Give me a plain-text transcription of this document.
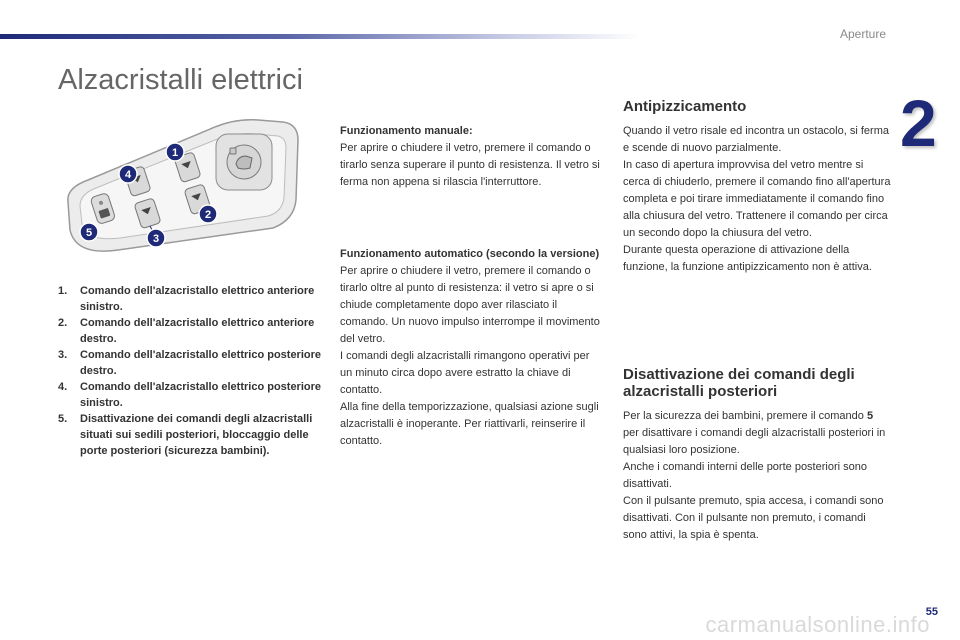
Aperture
2
Alzacristalli elettrici
1
2
3
4
5
1. Comando dell'alzacristallo elettrico anteriore sinistro.
2. Comando dell'alzacristallo elettrico anteriore destro.
3. Comando dell'alzacristallo elettrico posteriore destro.
4. Comando dell'alzacristallo elettrico posteriore sinistro.
5. Disattivazione dei comandi degli alzacristalli situati sui sedili posteriori, bloccaggio delle porte posteriori (sicurezza bambini).
Funzionamento manuale:

Per aprire o chiudere il vetro, premere il comando o tirarlo senza superare il punto di resistenza. Il vetro si ferma non appena si rilascia l'interruttore.

Funzionamento automatico (secondo la versione)

Per aprire o chiudere il vetro, premere il comando o tirarlo oltre al punto di resistenza: il vetro si apre o si chiude completamente dopo aver rilasciato il comando. Un nuovo impulso interrompe il movimento del vetro.

I comandi degli alzacristalli rimangono operativi per un minuto circa dopo avere estratto la chiave di contatto.

Alla fine della temporizzazione, qualsiasi azione sugli alzacristalli è inoperante. Per riattivarli, reinserire il contatto.

Antipizzicamento

Quando il vetro risale ed incontra un ostacolo, si ferma e scende di nuovo parzialmente.

In caso di apertura improvvisa del vetro mentre si cerca di chiuderlo, premere il comando fino all'apertura completa e poi tirare immediatamente il comando fino alla chiusura del vetro. Trattenere il comando per circa un secondo dopo la chiusura del vetro.

Durante questa operazione di attivazione della funzione, la funzione antipizzicamento non è attiva.

Disattivazione dei comandi degli alzacristalli posteriori

Per la sicurezza dei bambini, premere il comando 5 per disattivare i comandi degli alzacristalli posteriori in qualsiasi loro posizione.

Anche i comandi interni delle porte posteriori sono disattivati.

Con il pulsante premuto, spia accesa, i comandi sono disattivati. Con il pulsante non premuto, i comandi sono attivi, la spia è spenta.

carmanualsonline.info
55
